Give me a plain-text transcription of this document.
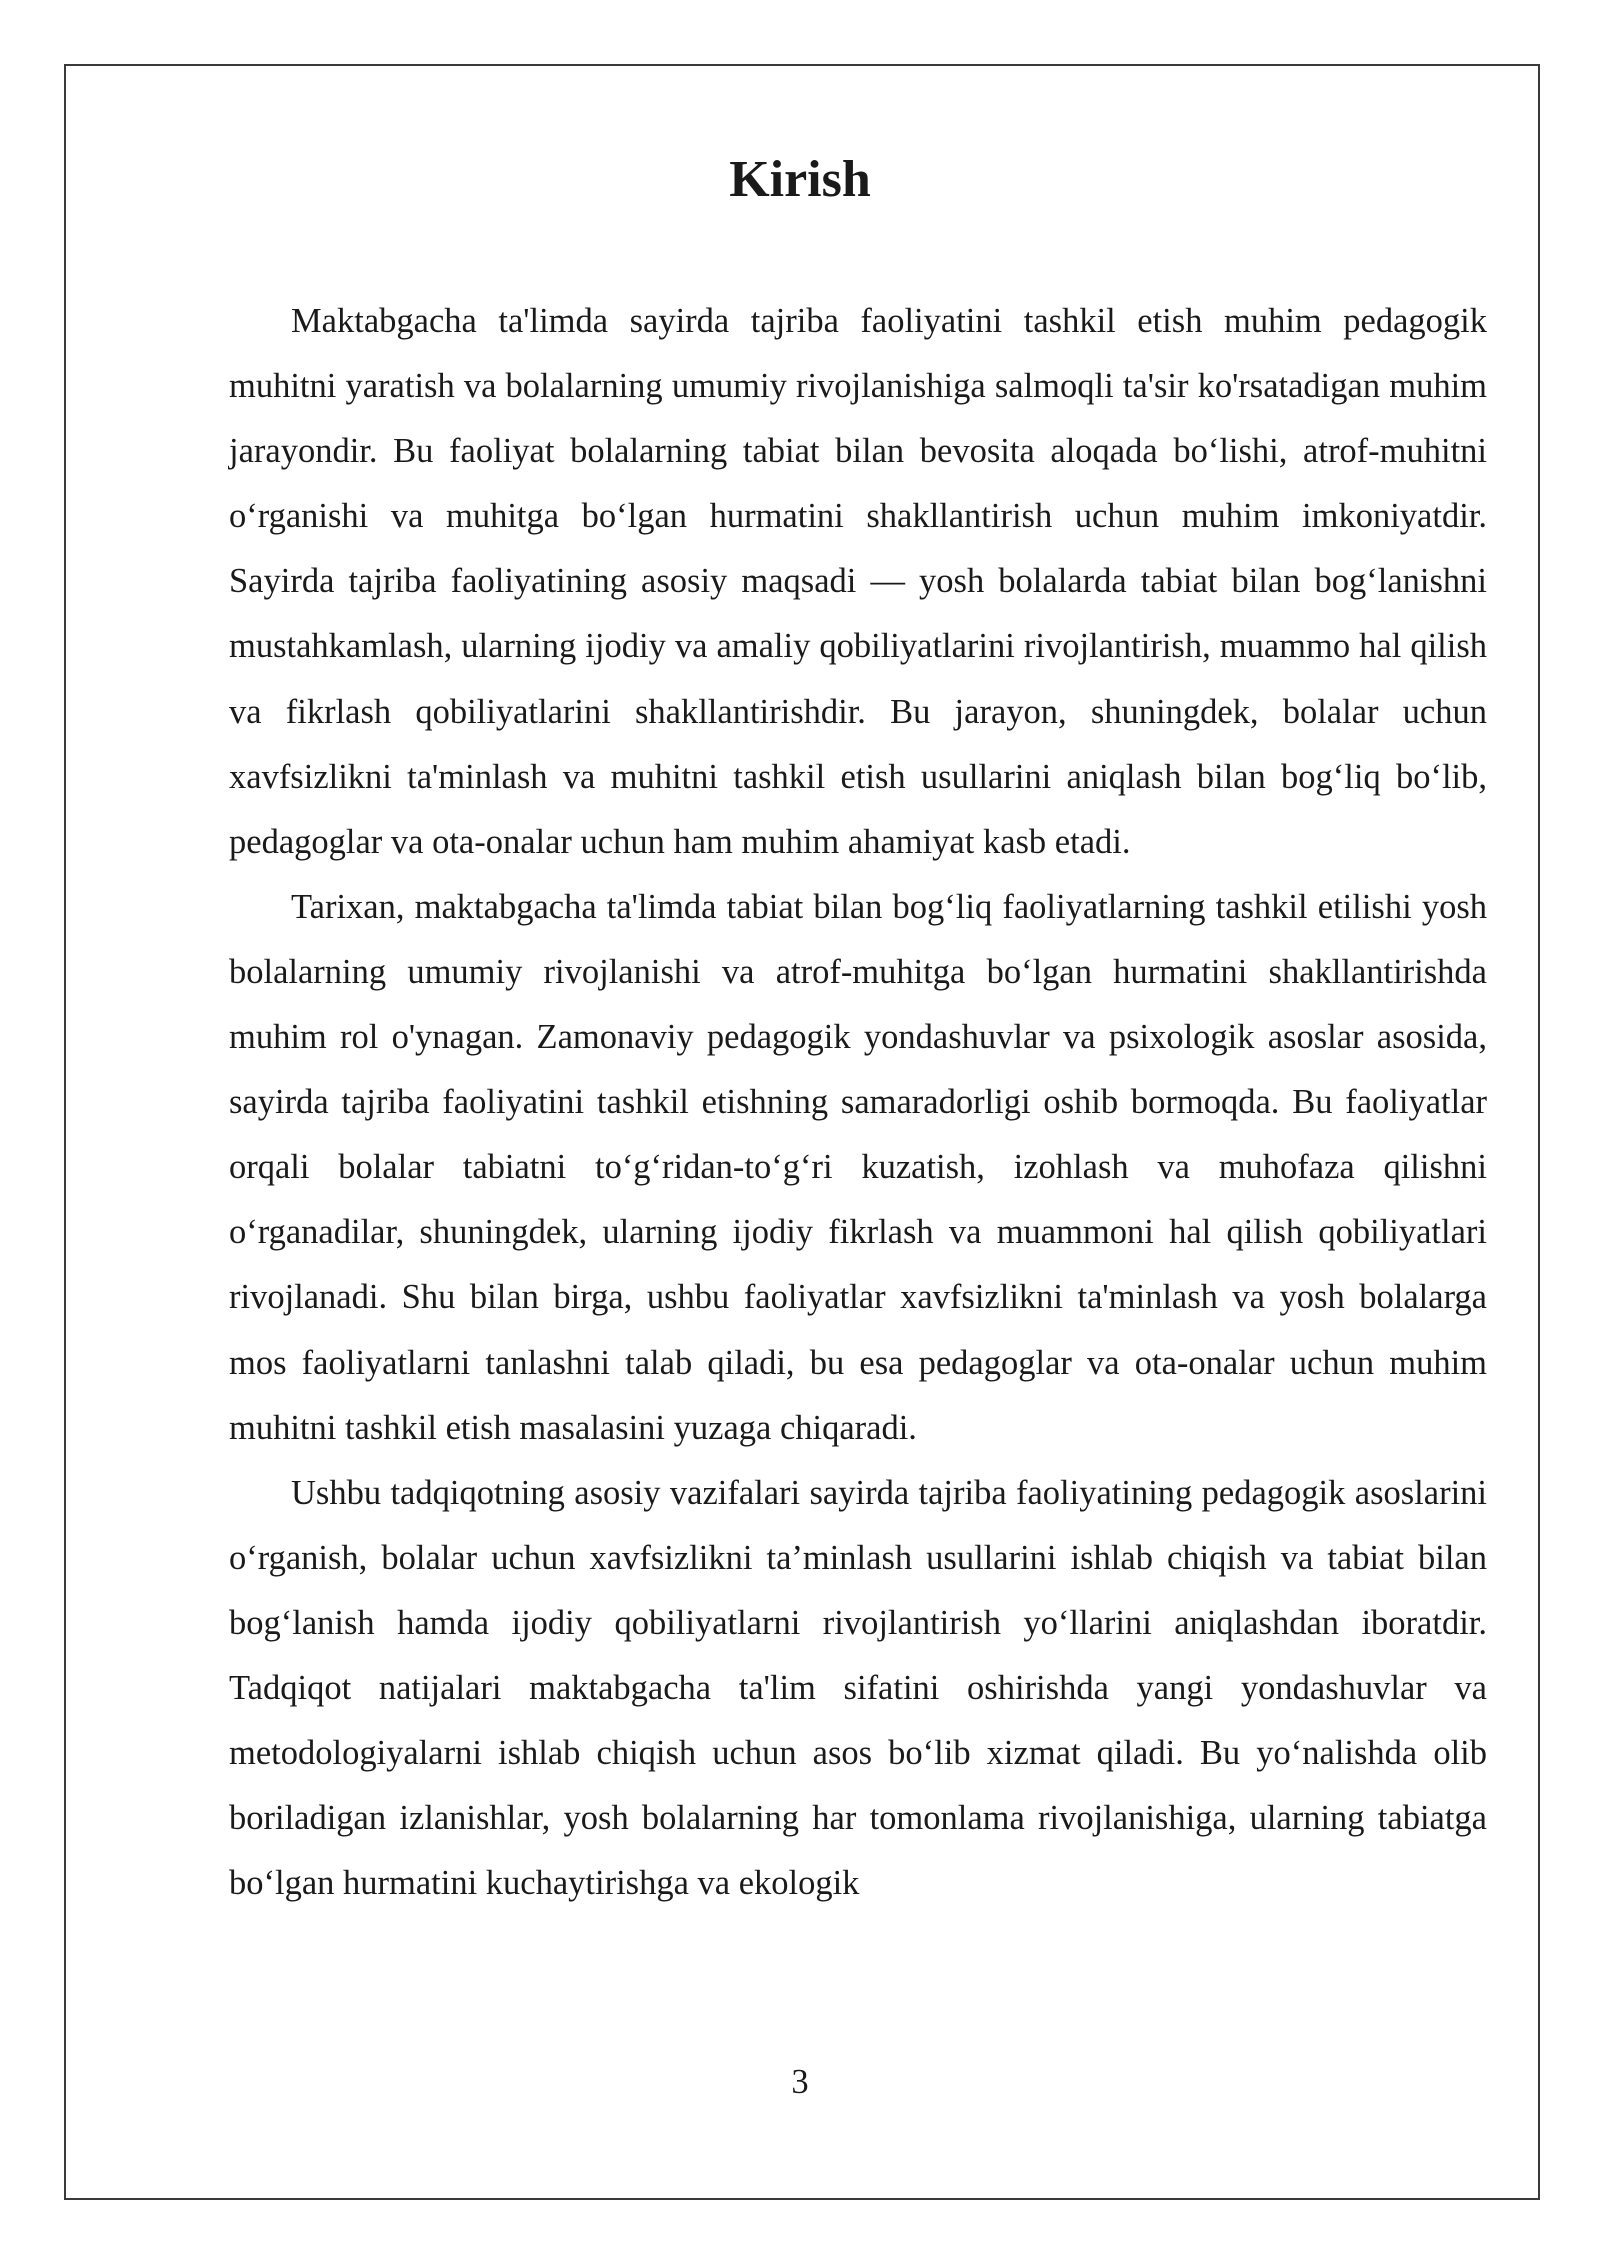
Kirish

Maktabgacha ta'limda sayirda tajriba faoliyatini tashkil etish muhim pedagogik muhitni yaratish va bolalarning umumiy rivojlanishiga salmoqli ta'sir ko'rsatadigan muhim jarayondir. Bu faoliyat bolalarning tabiat bilan bevosita aloqada bo‘lishi, atrof-muhitni o‘rganishi va muhitga bo‘lgan hurmatini shakllantirish uchun muhim imkoniyatdir. Sayirda tajriba faoliyatining asosiy maqsadi — yosh bolalarda tabiat bilan bog‘lanishni mustahkamlash, ularning ijodiy va amaliy qobiliyatlarini rivojlantirish, muammo hal qilish va fikrlash qobiliyatlarini shakllantirishdir. Bu jarayon, shuningdek, bolalar uchun xavfsizlikni ta'minlash va muhitni tashkil etish usullarini aniqlash bilan bog‘liq bo‘lib, pedagoglar va ota-onalar uchun ham muhim ahamiyat kasb etadi.

Tarixan, maktabgacha ta'limda tabiat bilan bog‘liq faoliyatlarning tashkil etilishi yosh bolalarning umumiy rivojlanishi va atrof-muhitga bo‘lgan hurmatini shakllantirishda muhim rol o'ynagan. Zamonaviy pedagogik yondashuvlar va psixologik asoslar asosida, sayirda tajriba faoliyatini tashkil etishning samaradorligi oshib bormoqda. Bu faoliyatlar orqali bolalar tabiatni to‘g‘ridan-to‘g‘ri kuzatish, izohlash va muhofaza qilishni o‘rganadilar, shuningdek, ularning ijodiy fikrlash va muammoni hal qilish qobiliyatlari rivojlanadi. Shu bilan birga, ushbu faoliyatlar xavfsizlikni ta'minlash va yosh bolalarga mos faoliyatlarni tanlashni talab qiladi, bu esa pedagoglar va ota-onalar uchun muhim muhitni tashkil etish masalasini yuzaga chiqaradi.

Ushbu tadqiqotning asosiy vazifalari sayirda tajriba faoliyatining pedagogik asoslarini o‘rganish, bolalar uchun xavfsizlikni ta’minlash usullarini ishlab chiqish va tabiat bilan bog‘lanish hamda ijodiy qobiliyatlarni rivojlantirish yo‘llarini aniqlashdan iboratdir. Tadqiqot natijalari maktabgacha ta'lim sifatini oshirishda yangi yondashuvlar va metodologiyalarni ishlab chiqish uchun asos bo‘lib xizmat qiladi. Bu yo‘nalishda olib boriladigan izlanishlar, yosh bolalarning har tomonlama rivojlanishiga, ularning tabiatga bo‘lgan hurmatini kuchaytirishga va ekologik

3
